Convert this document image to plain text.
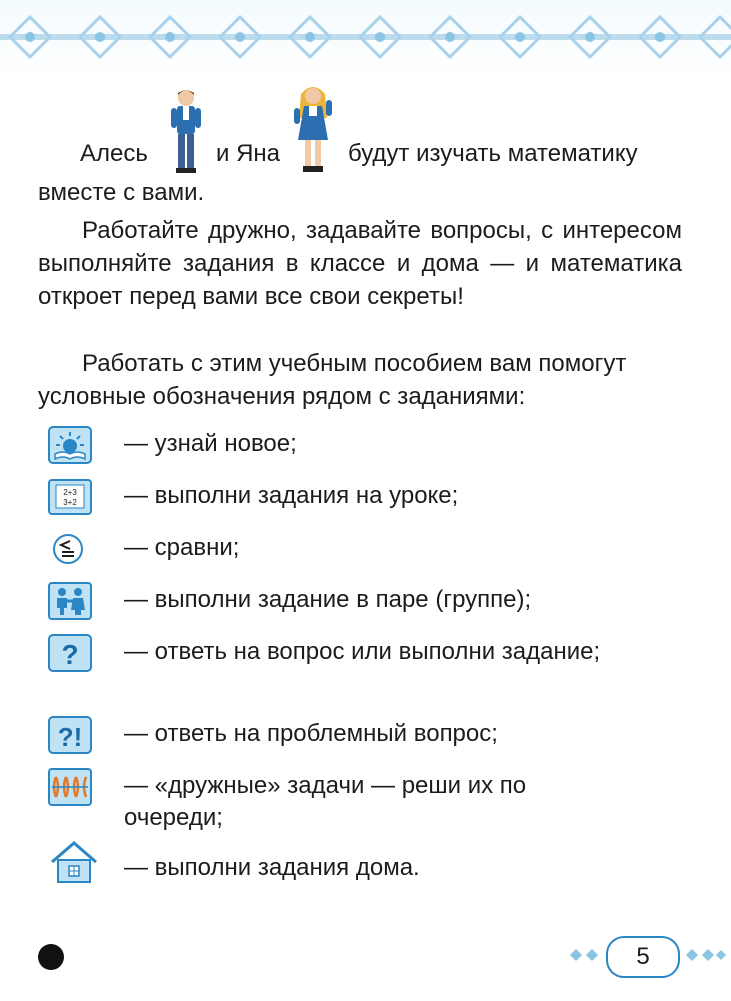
Алесь	и Яна	будут изучать математику
вместе с вами.
Работайте дружно, задавайте вопросы, с интересом выполняйте задания в классе и дома — и математика откроет перед вами все свои секреты!
Работать с этим учебным пособием вам помогут условные обозначения рядом с заданиями:
— узнай новое;
2+3
3+2 — выполни задания на уроке;
— сравни;
— выполни задание в паре (группе);
? — ответь на вопрос или выполни задание;
?! — ответь на проблемный вопрос;
— «дружные» задачи — реши их по очереди;
— выполни задания дома.
5
